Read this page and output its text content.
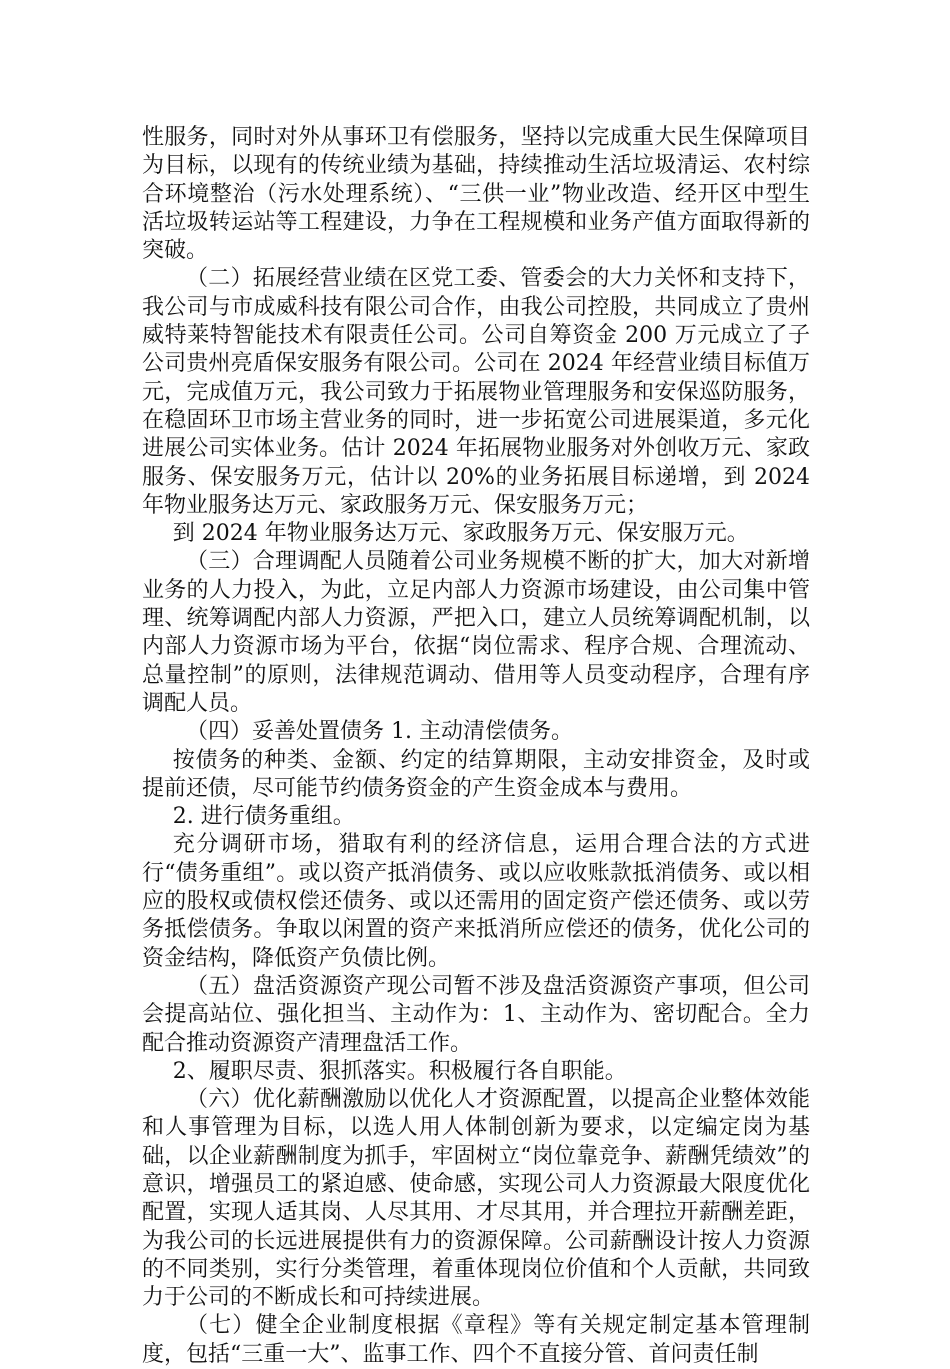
性服务，同时对外从事环卫有偿服务，坚持以完成重大民生保障项目为目标，以现有的传统业绩为基础，持续推动生活垃圾清运、农村综合环境整治（污水处理系统）、“三供一业”物业改造、经开区中型生活垃圾转运站等工程建设，力争在工程规模和业务产值方面取得新的突破。

（二）拓展经营业绩在区党工委、管委会的大力关怀和支持下，我公司与市成威科技有限公司合作，由我公司控股，共同成立了贵州威特莱特智能技术有限责任公司。公司自筹资金 200 万元成立了子公司贵州亮盾保安服务有限公司。公司在 2024 年经营业绩目标值万元，完成值万元，我公司致力于拓展物业管理服务和安保巡防服务，在稳固环卫市场主营业务的同时，进一步拓宽公司进展渠道，多元化进展公司实体业务。估计 2024 年拓展物业服务对外创收万元、家政服务、保安服务万元，估计以 20%的业务拓展目标递增，到 2024 年物业服务达万元、家政服务万元、保安服务万元；

到 2024 年物业服务达万元、家政服务万元、保安服万元。

（三）合理调配人员随着公司业务规模不断的扩大，加大对新增业务的人力投入，为此，立足内部人力资源市场建设，由公司集中管理、统筹调配内部人力资源，严把入口，建立人员统筹调配机制，以内部人力资源市场为平台，依据“岗位需求、程序合规、合理流动、总量控制”的原则，法律规范调动、借用等人员变动程序，合理有序调配人员。

（四）妥善处置债务 1. 主动清偿债务。

按债务的种类、金额、约定的结算期限，主动安排资金，及时或提前还债，尽可能节约债务资金的产生资金成本与费用。

2. 进行债务重组。

充分调研市场，猎取有利的经济信息，运用合理合法的方式进行“债务重组”。或以资产抵消债务、或以应收账款抵消债务、或以相应的股权或债权偿还债务、或以还需用的固定资产偿还债务、或以劳务抵偿债务。争取以闲置的资产来抵消所应偿还的债务，优化公司的资金结构，降低资产负债比例。

（五）盘活资源资产现公司暂不涉及盘活资源资产事项，但公司会提高站位、强化担当、主动作为：1、主动作为、密切配合。全力配合推动资源资产清理盘活工作。

2、履职尽责、狠抓落实。积极履行各自职能。

（六）优化薪酬激励以优化人才资源配置，以提高企业整体效能和人事管理为目标，以选人用人体制创新为要求，以定编定岗为基础，以企业薪酬制度为抓手，牢固树立“岗位靠竞争、薪酬凭绩效”的意识，增强员工的紧迫感、使命感，实现公司人力资源最大限度优化配置，实现人适其岗、人尽其用、才尽其用，并合理拉开薪酬差距，为我公司的长远进展提供有力的资源保障。公司薪酬设计按人力资源的不同类别，实行分类管理，着重体现岗位价值和个人贡献，共同致力于公司的不断成长和可持续进展。

（七）健全企业制度根据《章程》等有关规定制定基本管理制度，包括“三重一大”、监事工作、四个不直接分管、首问责任制
